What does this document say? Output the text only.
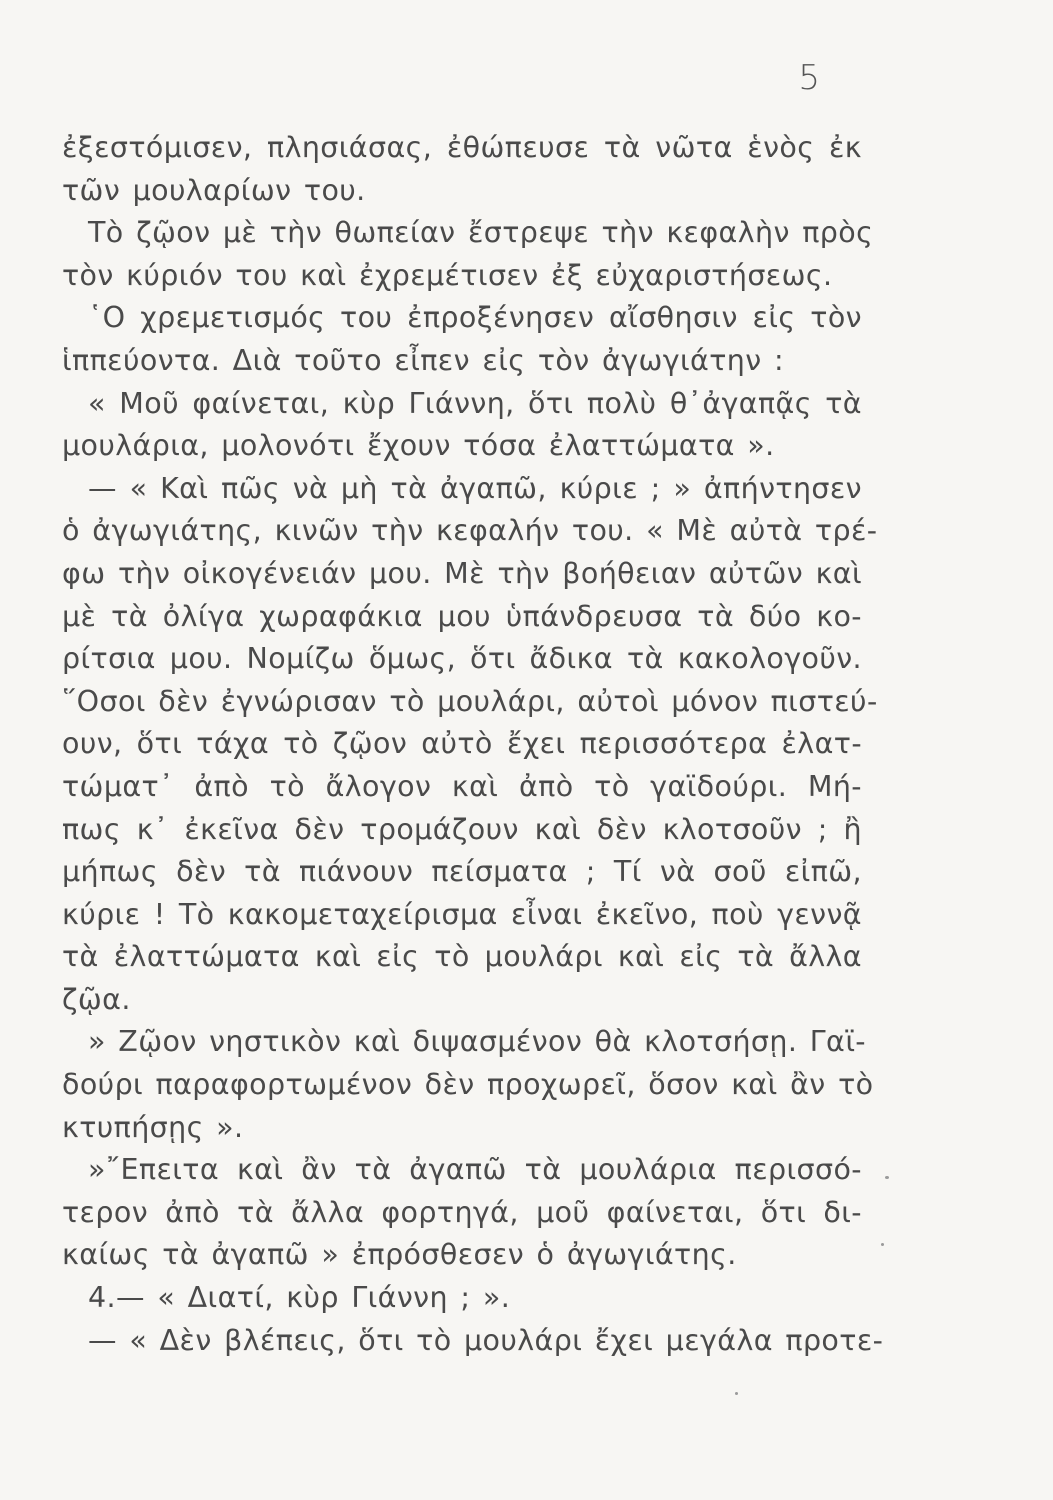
5
ἐξεστόμισεν, πλησιάσας, ἐθώπευσε τὰ νῶτα ἑνὸς ἐκ
τῶν μουλαρίων του.
Τὸ ζῷον μὲ τὴν θωπείαν ἔστρεψε τὴν κεφαλὴν πρὸς
τὸν κύριόν του καὶ ἐχρεμέτισεν ἐξ εὐχαριστήσεως.
῾Ο χρεμετισμός του ἐπροξένησεν αἴσθησιν εἰς τὸν
ἱππεύοντα. Διὰ τοῦτο εἶπεν εἰς τὸν ἀγωγιάτην :
« Μοῦ φαίνεται, κὺρ Γιάννη, ὅτι πολὺ θ᾿ἀγαπᾷς τὰ
μουλάρια, μολονότι ἔχουν τόσα ἐλαττώματα ».
— « Καὶ πῶς νὰ μὴ τὰ ἀγαπῶ, κύριε ; » ἀπήντησεν
ὁ ἀγωγιάτης, κινῶν τὴν κεφαλήν του. « Μὲ αὐτὰ τρέ-
φω τὴν οἰκογένειάν μου. Μὲ τὴν βοήθειαν αὐτῶν καὶ
μὲ τὰ ὀλίγα χωραφάκια μου ὑπάνδρευσα τὰ δύο κο-
ρίτσια μου. Νομίζω ὅμως, ὅτι ἄδικα τὰ κακολογοῦν.
῞Οσοι δὲν ἐγνώρισαν τὸ μουλάρι, αὐτοὶ μόνον πιστεύ-
ουν, ὅτι τάχα τὸ ζῷον αὐτὸ ἔχει περισσότερα ἐλατ-
τώματ᾿ ἀπὸ τὸ ἄλογον καὶ ἀπὸ τὸ γαϊδούρι. Μή-
πως κ᾿ ἐκεῖνα δὲν τρομάζουν καὶ δὲν κλοτσοῦν ; ἢ
μήπως δὲν τὰ πιάνουν πείσματα ; Τί νὰ σοῦ εἰπῶ,
κύριε ! Τὸ κακομεταχείρισμα εἶναι ἐκεῖνο, ποὺ γεννᾷ
τὰ ἐλαττώματα καὶ εἰς τὸ μουλάρι καὶ εἰς τὰ ἄλλα
ζῷα.
» Ζῷον νηστικὸν καὶ διψασμένον θὰ κλοτσήσῃ. Γαϊ-
δούρι παραφορτωμένον δὲν προχωρεῖ, ὅσον καὶ ἂν τὸ
κτυπήσῃς ».
»῎Επειτα καὶ ἂν τὰ ἀγαπῶ τὰ μουλάρια περισσό-
τερον ἀπὸ τὰ ἄλλα φορτηγά, μοῦ φαίνεται, ὅτι δι-
καίως τὰ ἀγαπῶ » ἐπρόσθεσεν ὁ ἀγωγιάτης.
4.— « Διατί, κὺρ Γιάννη ; ».
— « Δὲν βλέπεις, ὅτι τὸ μουλάρι ἔχει μεγάλα προτε-
